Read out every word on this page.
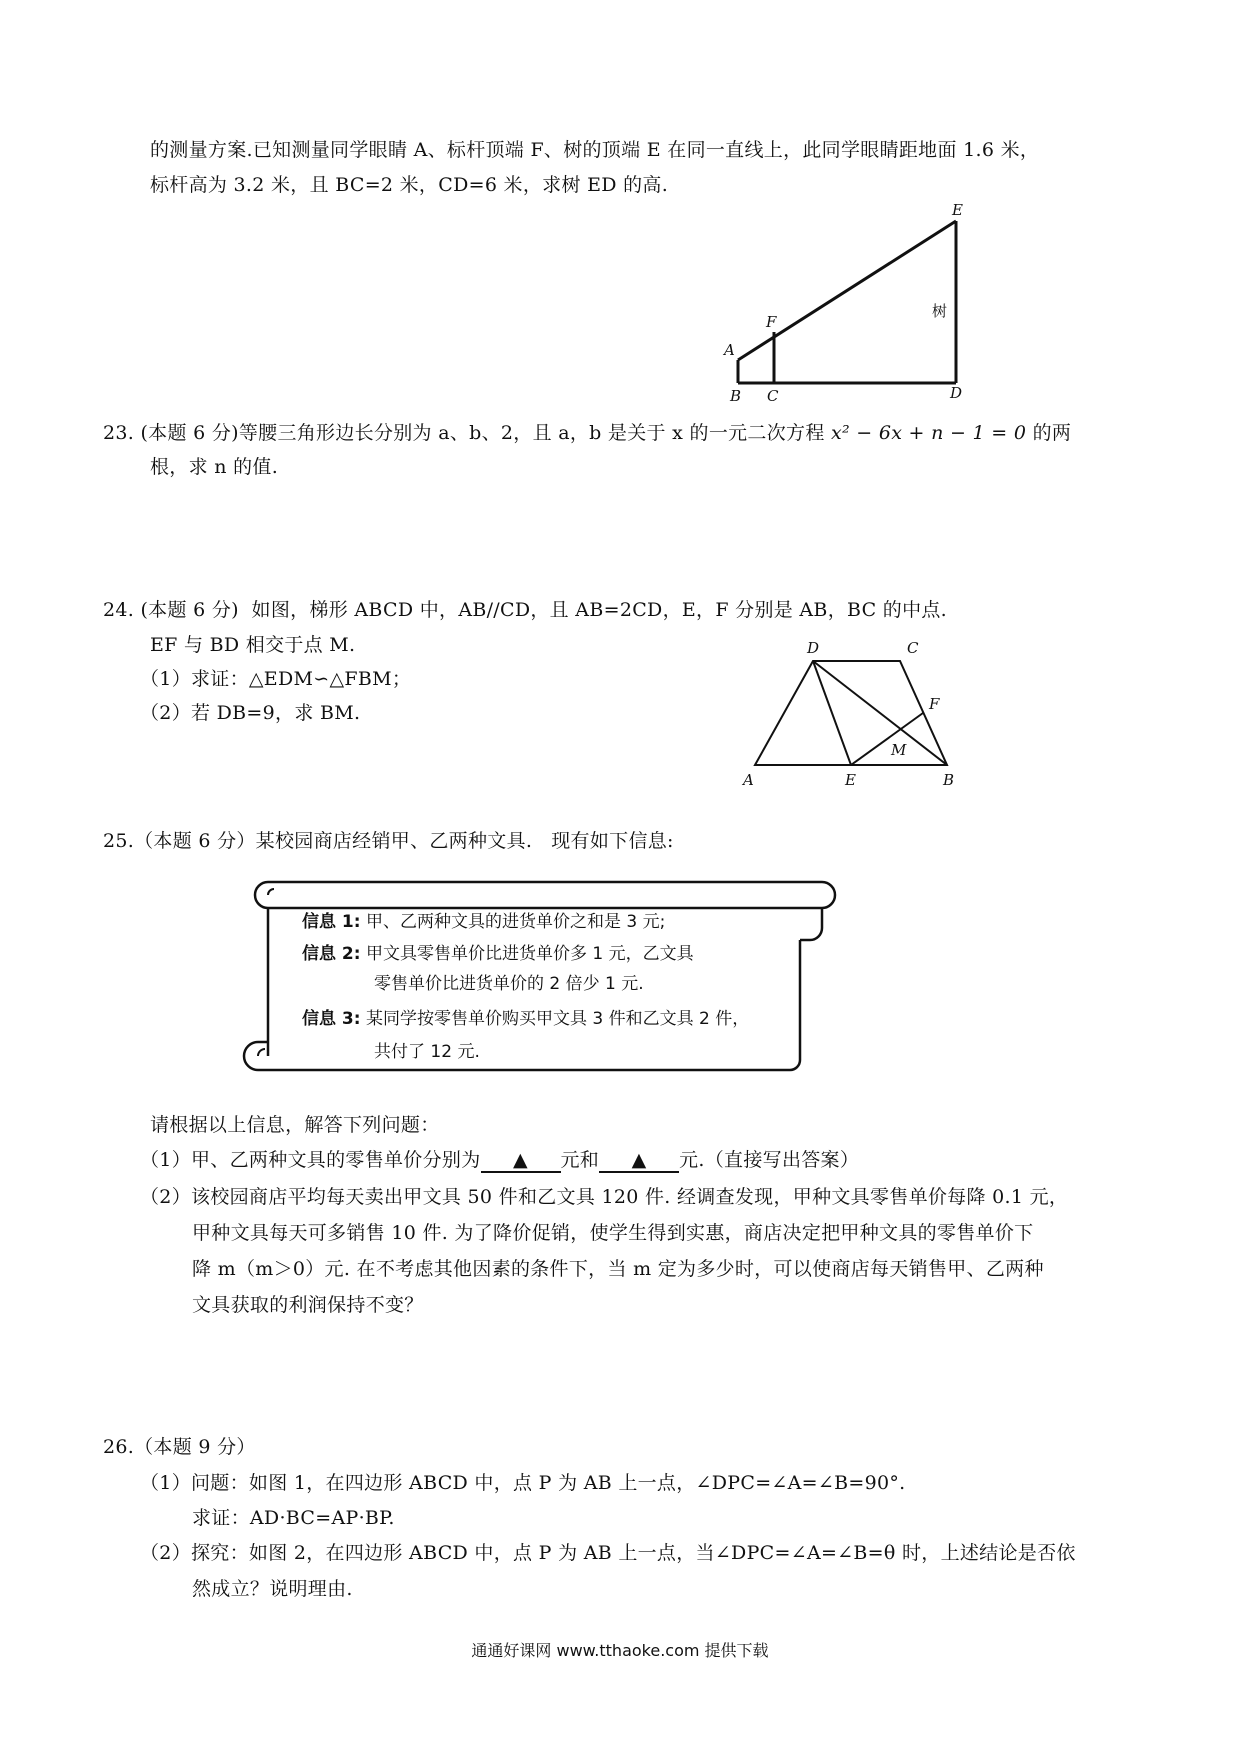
的测量方案.已知测量同学眼睛 A、标杆顶端 F、树的顶端 E 在同一直线上，此同学眼睛距地面 1.6 米，
标杆高为 3.2 米，且 BC=2 米，CD=6 米，求树 ED 的高.
A
B C	D
E
F
树
23. (本题 6 分)等腰三角形边长分别为 a、b、2，且 a，b 是关于 x 的一元二次方程 x² − 6x + n − 1 = 0 的两
根，求 n 的值.
24. (本题 6 分)  如图，梯形 ABCD 中，AB//CD，且 AB=2CD，E，F 分别是 AB，BC 的中点.
EF 与 BD 相交于点 M.
（1）求证：△EDM∽△FBM；
（2）若 DB=9，求 BM.
A	B
C
D
E
F
M
25.（本题 6 分）某校园商店经销甲、乙两种文具.   现有如下信息:
信息 1: 甲、乙两种文具的进货单价之和是 3 元;
信息 2: 甲文具零售单价比进货单价多 1 元，乙文具
零售单价比进货单价的 2 倍少 1 元.
信息 3: 某同学按零售单价购买甲文具 3 件和乙文具 2 件，
共付了 12 元.
请根据以上信息，解答下列问题：
（1）甲、乙两种文具的零售单价分别为 ▲ 元和 ▲ 元.（直接写出答案）
（2）该校园商店平均每天卖出甲文具 50 件和乙文具 120 件. 经调查发现，甲种文具零售单价每降 0.1 元，
甲种文具每天可多销售 10 件. 为了降价促销，使学生得到实惠，商店决定把甲种文具的零售单价下
降 m（m＞0）元. 在不考虑其他因素的条件下，当 m 定为多少时，可以使商店每天销售甲、乙两种
文具获取的利润保持不变？
26.（本题 9 分）
（1）问题：如图 1，在四边形 ABCD 中，点 P 为 AB 上一点，∠DPC=∠A=∠B=90°.
求证：AD·BC=AP·BP.
（2）探究：如图 2，在四边形 ABCD 中，点 P 为 AB 上一点，当∠DPC=∠A=∠B=θ 时，上述结论是否依
然成立？说明理由.
通通好课网 www.tthaoke.com 提供下载
